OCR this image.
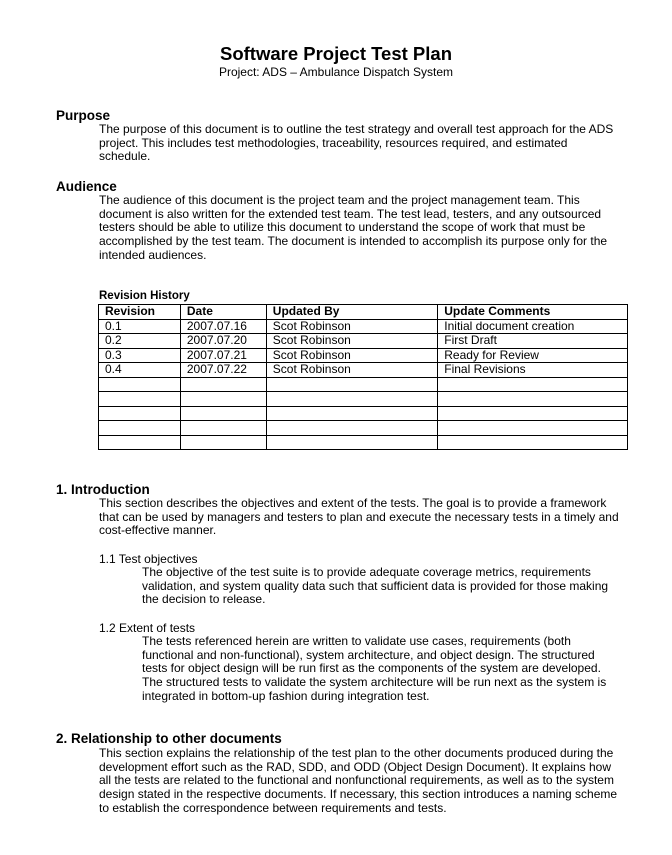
Software Project Test Plan
Project: ADS – Ambulance Dispatch System
Purpose

The purpose of this document is to outline the test strategy and overall test approach for the ADS project. This includes test methodologies, traceability, resources required, and estimated schedule.

Audience

The audience of this document is the project team and the project management team. This document is also written for the extended test team. The test lead, testers, and any outsourced testers should be able to utilize this document to understand the scope of work that must be accomplished by the test team. The document is intended to accomplish its purpose only for the intended audiences.

Revision History
Revision	Date	Updated By	Update Comments
0.1	2007.07.16	Scot Robinson	Initial document creation
0.2	2007.07.20	Scot Robinson	First Draft
0.3	2007.07.21	Scot Robinson	Ready for Review
0.4	2007.07.22	Scot Robinson	Final Revisions

1. Introduction

This section describes the objectives and extent of the tests. The goal is to provide a framework that can be used by managers and testers to plan and execute the necessary tests in a timely and cost-effective manner.

1.1 Test objectives

The objective of the test suite is to provide adequate coverage metrics, requirements validation, and system quality data such that sufficient data is provided for those making the decision to release.

1.2 Extent of tests

The tests referenced herein are written to validate use cases, requirements (both functional and non-functional), system architecture, and object design. The structured tests for object design will be run first as the components of the system are developed. The structured tests to validate the system architecture will be run next as the system is integrated in bottom-up fashion during integration test.

2. Relationship to other documents

This section explains the relationship of the test plan to the other documents produced during the development effort such as the RAD, SDD, and ODD (Object Design Document). It explains how all the tests are related to the functional and nonfunctional requirements, as well as to the system design stated in the respective documents. If necessary, this section introduces a naming scheme to establish the correspondence between requirements and tests.
